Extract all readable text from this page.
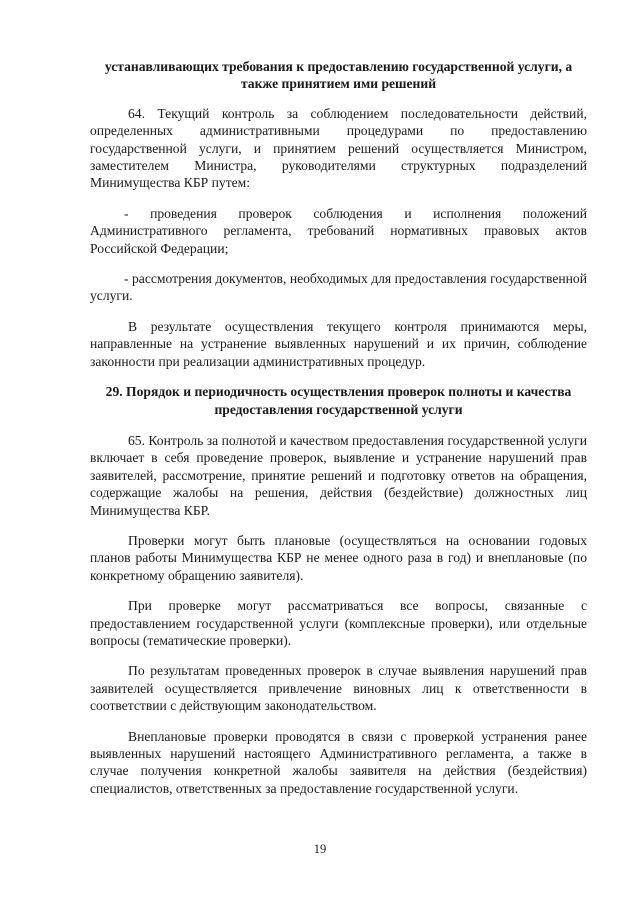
устанавливающих требования к предоставлению государственной услуги, а также принятием ими решений

64. Текущий контроль за соблюдением последовательности действий, определенных административными процедурами по предоставлению государственной услуги, и принятием решений осуществляется Министром, заместителем Министра, руководителями структурных подразделений Минимущества КБР путем:

- проведения проверок соблюдения и исполнения положений Административного регламента, требований нормативных правовых актов Российской Федерации;

- рассмотрения документов, необходимых для предоставления государственной услуги.

В результате осуществления текущего контроля принимаются меры, направленные на устранение выявленных нарушений и их причин, соблюдение законности при реализации административных процедур.

29. Порядок и периодичность осуществления проверок полноты и качества предоставления государственной услуги

65. Контроль за полнотой и качеством предоставления государственной услуги включает в себя проведение проверок, выявление и устранение нарушений прав заявителей, рассмотрение, принятие решений и подготовку ответов на обращения, содержащие жалобы на решения, действия (бездействие) должностных лиц Минимущества КБР.

Проверки могут быть плановые (осуществляться на основании годовых планов работы Минимущества КБР не менее одного раза в год) и внеплановые (по конкретному обращению заявителя).

При проверке могут рассматриваться все вопросы, связанные с предоставлением государственной услуги (комплексные проверки), или отдельные вопросы (тематические проверки).

По результатам проведенных проверок в случае выявления нарушений прав заявителей осуществляется привлечение виновных лиц к ответственности в соответствии с действующим законодательством.

Внеплановые проверки проводятся в связи с проверкой устранения ранее выявленных нарушений настоящего Административного регламента, а также в случае получения конкретной жалобы заявителя на действия (бездействия) специалистов, ответственных за предоставление государственной услуги.

19
